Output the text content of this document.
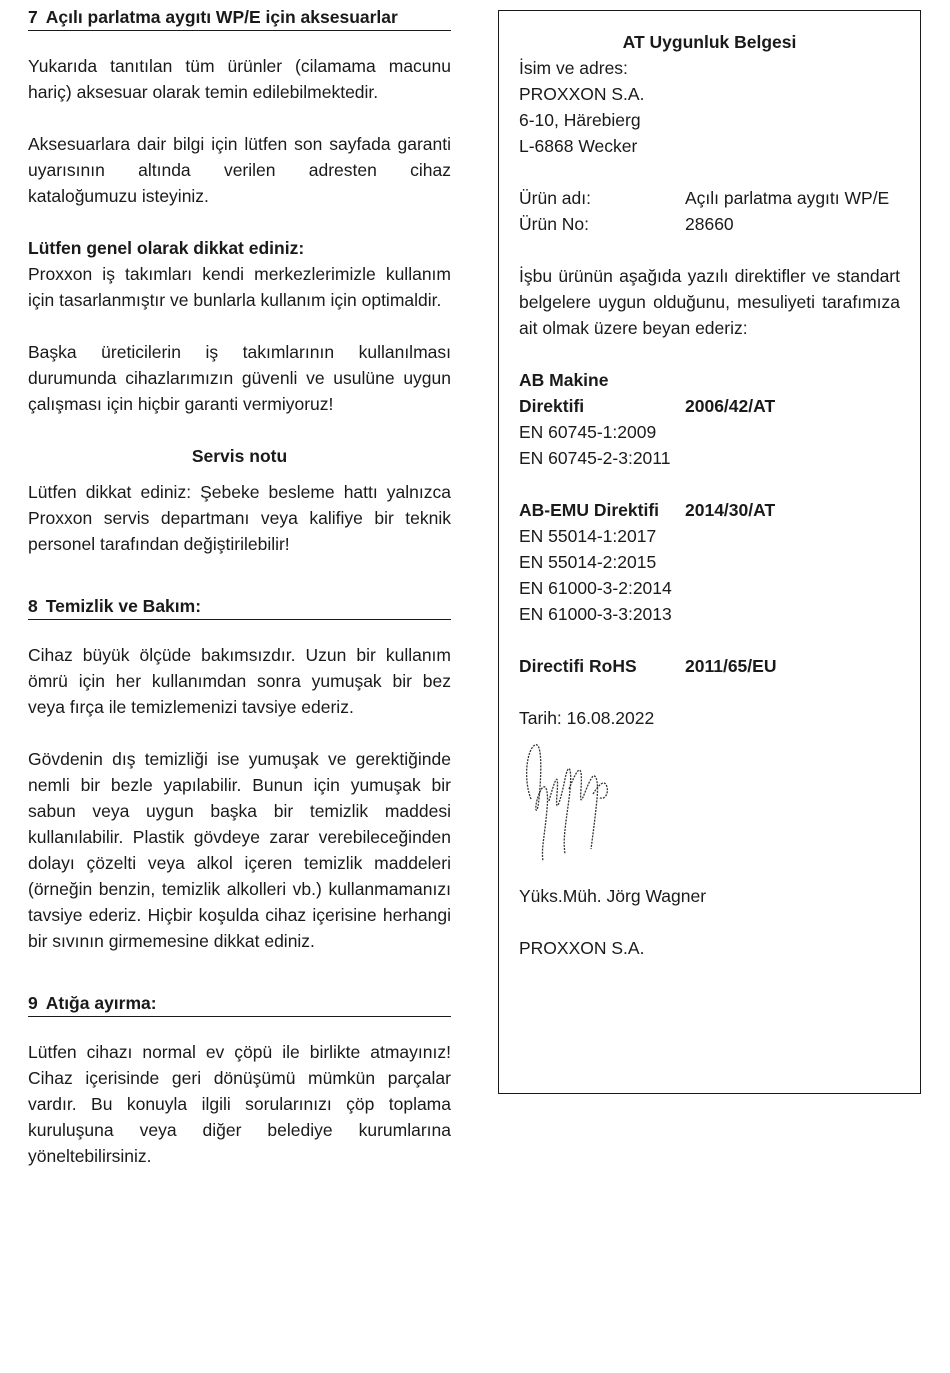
7 Açılı parlatma aygıtı WP/E için aksesuarlar

Yukarıda tanıtılan tüm ürünler (cilamama macunu hariç) aksesuar olarak temin edilebilmektedir.

Aksesuarlara dair bilgi için lütfen son sayfada garanti uyarısının altında verilen adresten cihaz kataloğumuzu isteyiniz.

Lütfen genel olarak dikkat ediniz:

Proxxon iş takımları kendi merkezlerimizle kullanım için tasarlanmıştır ve bunlarla kullanım için optimaldir.

Başka üreticilerin iş takımlarının kullanılması durumunda cihazlarımızın güvenli ve usulüne uygun çalışması için hiçbir garanti vermiyoruz!

Servis notu

Lütfen dikkat ediniz: Şebeke besleme hattı yalnızca Proxxon servis departmanı veya kalifiye bir teknik personel tarafından değiştirilebilir!

8 Temizlik ve Bakım:

Cihaz büyük ölçüde bakımsızdır. Uzun bir kullanım ömrü için her kullanımdan sonra yumuşak bir bez veya fırça ile temizlemenizi tavsiye ederiz.

Gövdenin dış temizliği ise yumuşak ve gerektiğinde nemli bir bezle yapılabilir. Bunun için yumuşak bir sabun veya uygun başka bir temizlik maddesi kullanılabilir. Plastik gövdeye zarar verebileceğinden dolayı çözelti veya alkol içeren temizlik maddeleri (örneğin benzin, temizlik alkolleri vb.) kullanmamanızı tavsiye ederiz. Hiçbir koşulda cihaz içerisine herhangi bir sıvının girmemesine dikkat ediniz.

9 Atığa ayırma:

Lütfen cihazı normal ev çöpü ile birlikte atmayınız! Cihaz içerisinde geri dönüşümü mümkün parçalar vardır. Bu konuyla ilgili sorularınızı çöp toplama kuruluşuna veya diğer belediye kurumlarına yöneltebilirsiniz.

AT Uygunluk Belgesi
İsim ve adres:
PROXXON S.A.
6-10, Härebierg
L-6868 Wecker
Ürün adı:	Açılı parlatma aygıtı WP/E
Ürün No:	28660

İşbu ürünün aşağıda yazılı direktifler ve standart belgelere uygun olduğunu, mesuliyeti tarafımıza ait olmak üzere beyan ederiz:

AB Makine
Direktifi	2006/42/AT
EN 60745-1:2009
EN 60745-2-3:2011
AB-EMU Direktifi	2014/30/AT
EN 55014-1:2017
EN 55014-2:2015
EN 61000-3-2:2014
EN 61000-3-3:2013
Directifi RoHS	2011/65/EU
Tarih: 16.08.2022
Yüks.Müh. Jörg Wagner
PROXXON S.A.
